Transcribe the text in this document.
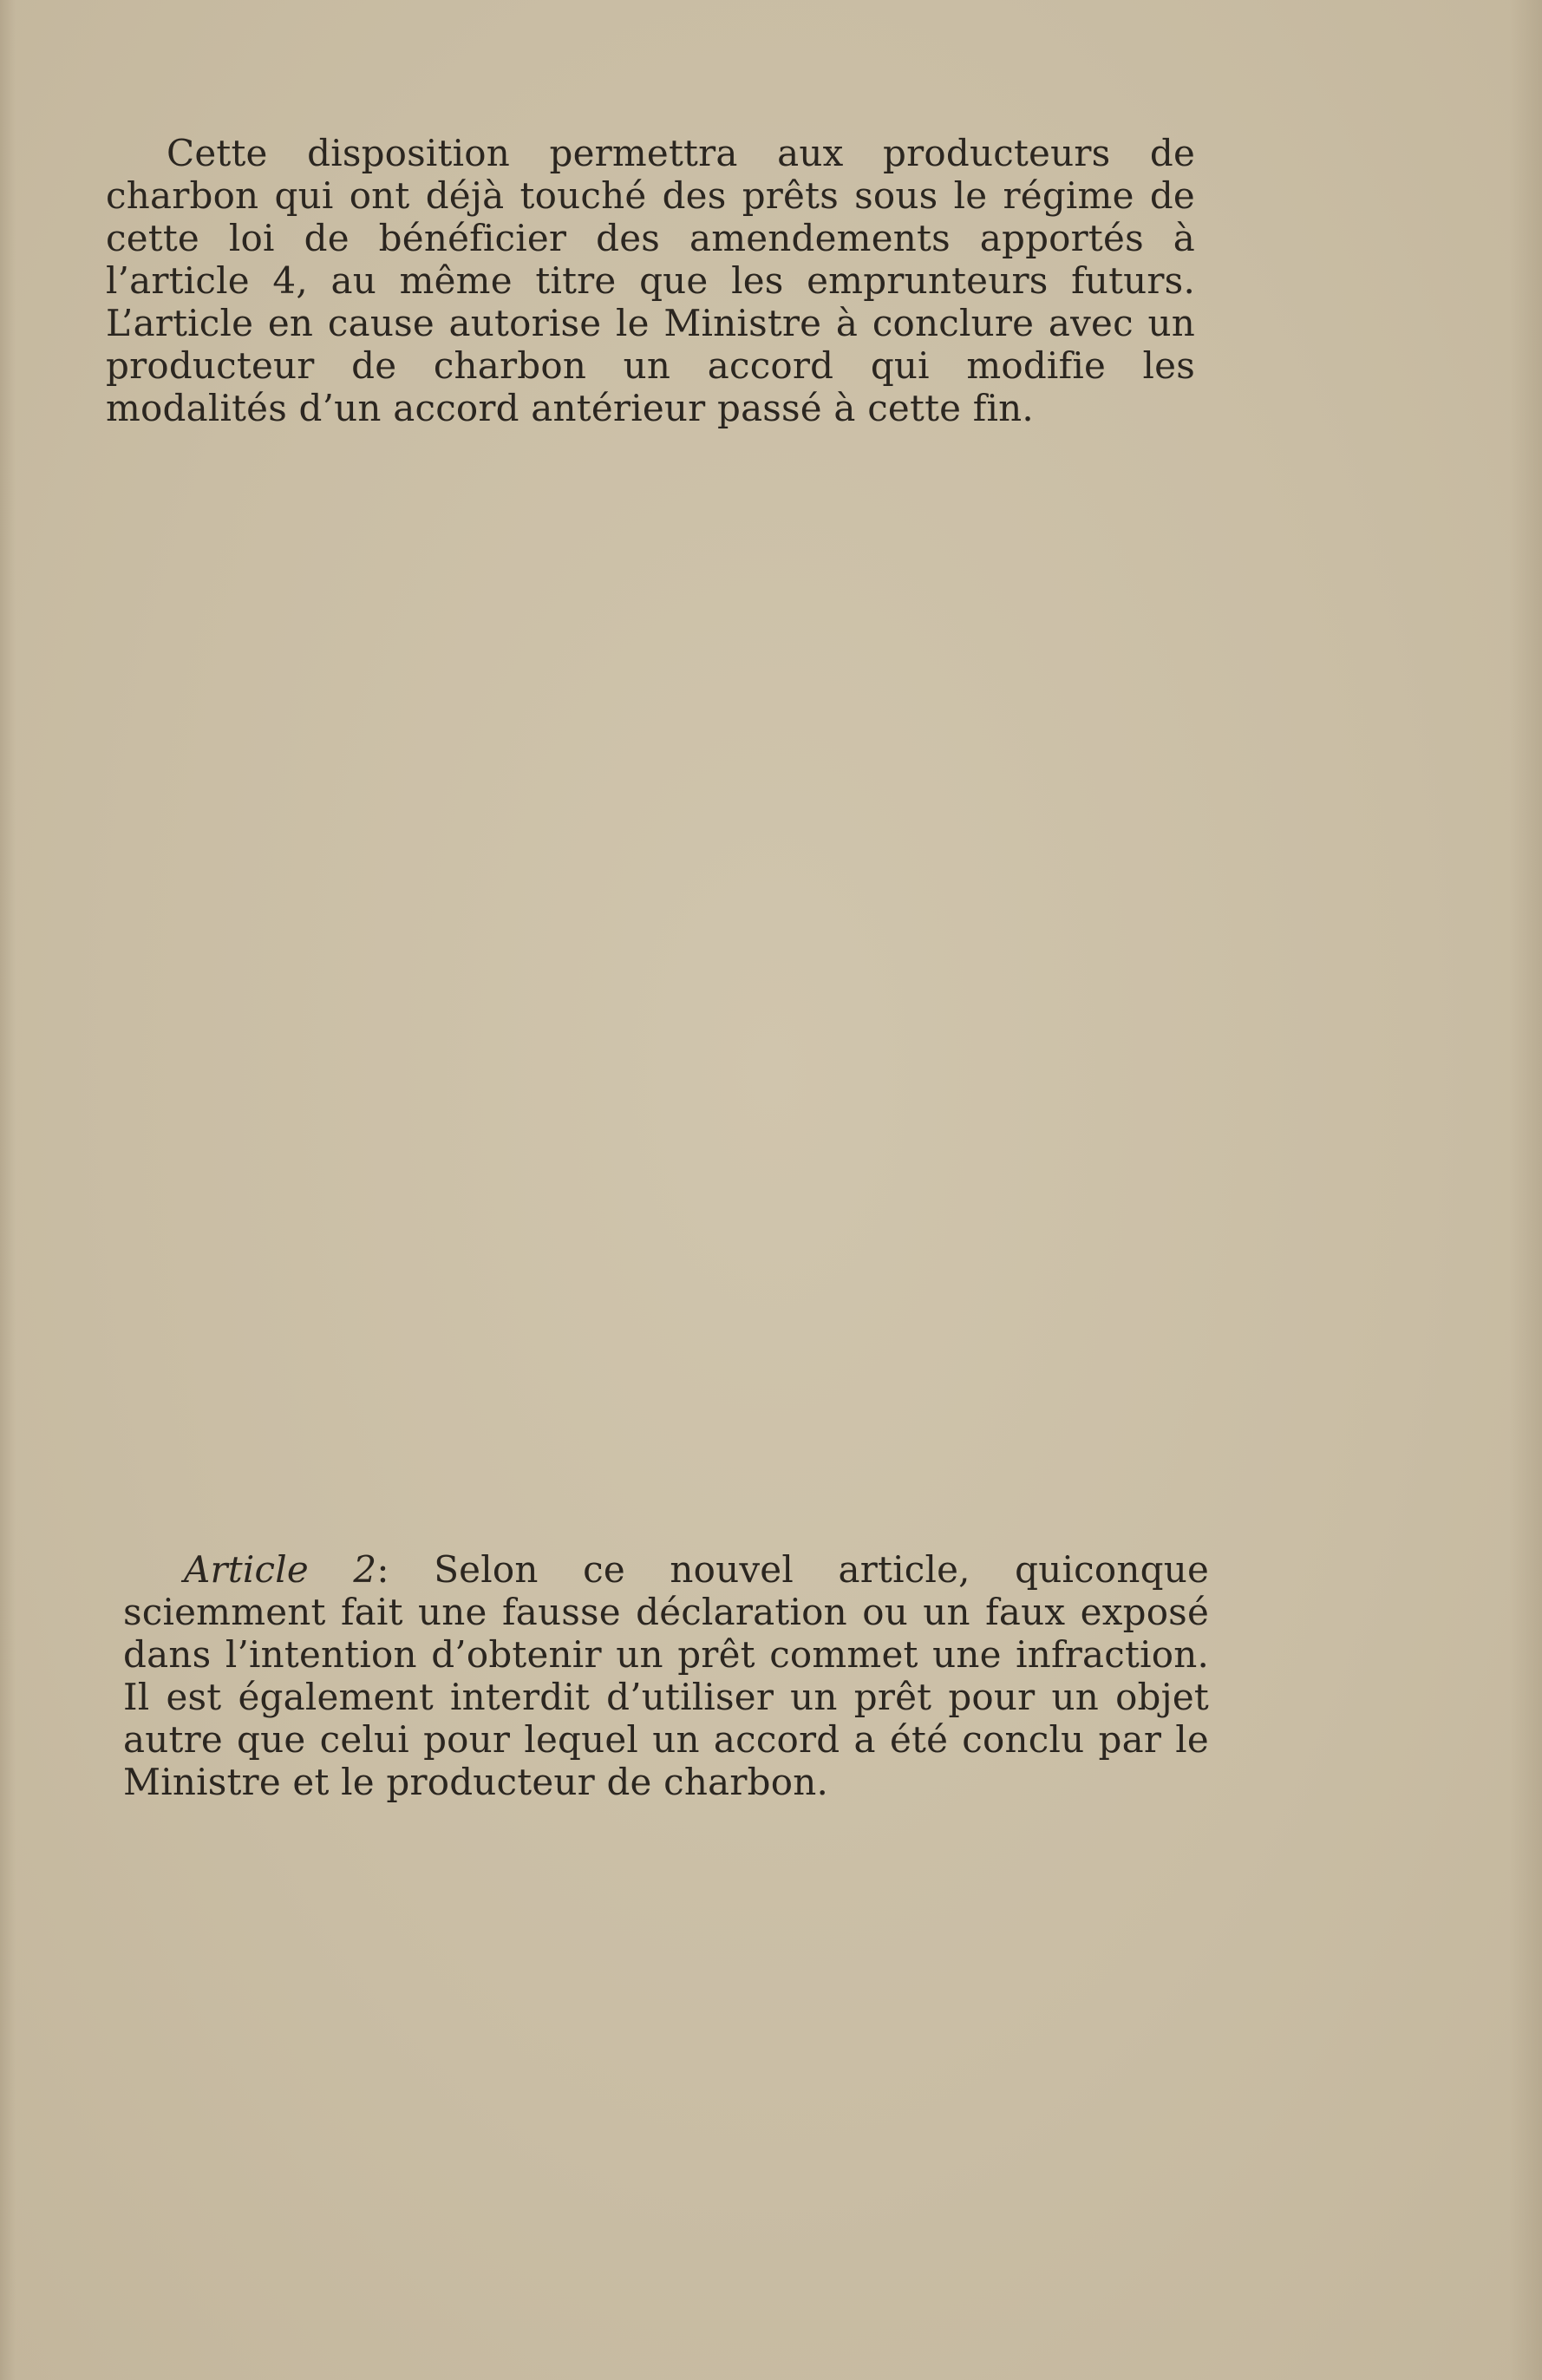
Cette disposition permettra aux producteurs de charbon qui ont déjà touché des prêts sous le régime de cette loi de bénéficier des amendements apportés à l’article 4, au même titre que les emprunteurs futurs. L’article en cause autorise le Ministre à conclure avec un producteur de charbon un accord qui modifie les modalités d’un accord antérieur passé à cette fin.

Article 2: Selon ce nouvel article, quiconque sciemment fait une fausse déclaration ou un faux exposé dans l’intention d’obtenir un prêt commet une infraction. Il est également interdit d’utiliser un prêt pour un objet autre que celui pour lequel un accord a été conclu par le Ministre et le producteur de charbon.
